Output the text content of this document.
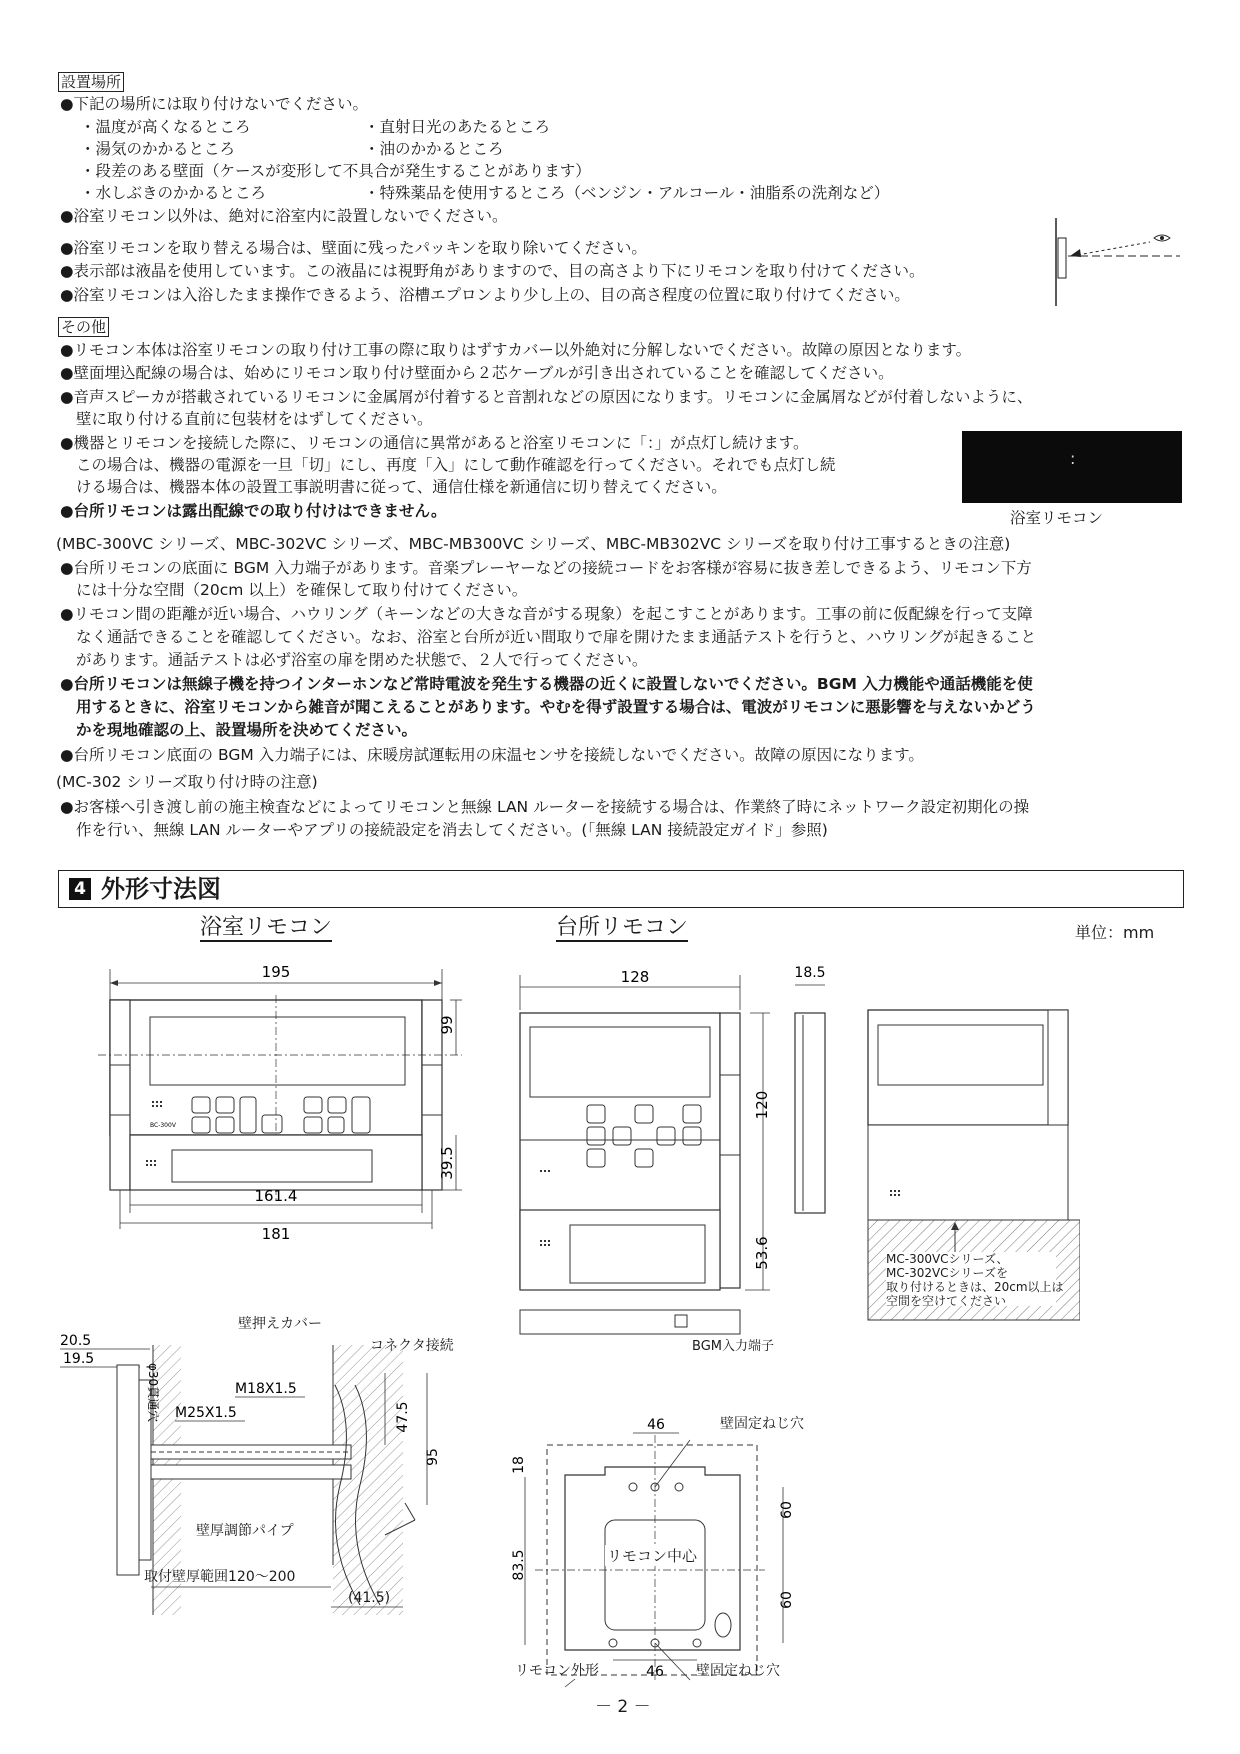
設置場所
●下記の場所には取り付けないでください。
・温度が高くなるところ	・直射日光のあたるところ
・湯気のかかるところ	・油のかかるところ
・段差のある壁面（ケースが変形して不具合が発生することがあります）
・水しぶきのかかるところ	・特殊薬品を使用するところ（ベンジン・アルコール・油脂系の洗剤など）
●浴室リモコン以外は、絶対に浴室内に設置しないでください。
●浴室リモコンを取り替える場合は、壁面に残ったパッキンを取り除いてください。
●表示部は液晶を使用しています。この液晶には視野角がありますので、目の高さより下にリモコンを取り付けてください。
●浴室リモコンは入浴したまま操作できるよう、浴槽エプロンより少し上の、目の高さ程度の位置に取り付けてください。
その他
●リモコン本体は浴室リモコンの取り付け工事の際に取りはずすカバー以外絶対に分解しないでください。故障の原因となります。
●壁面埋込配線の場合は、始めにリモコン取り付け壁面から２芯ケーブルが引き出されていることを確認してください。
●音声スピーカが搭載されているリモコンに金属屑が付着すると音割れなどの原因になります。リモコンに金属屑などが付着しないように、
壁に取り付ける直前に包装材をはずしてください。
●機器とリモコンを接続した際に、リモコンの通信に異常があると浴室リモコンに「：」が点灯し続けます。
この場合は、機器の電源を一旦「切」にし、再度「入」にして動作確認を行ってください。それでも点灯し続
ける場合は、機器本体の設置工事説明書に従って、通信仕様を新通信に切り替えてください。
●台所リモコンは露出配線での取り付けはできません。
:
浴室リモコン
(MBC-300VC シリーズ、MBC-302VC シリーズ、MBC-MB300VC シリーズ、MBC-MB302VC シリーズを取り付け工事するときの注意)
●台所リモコンの底面に BGM 入力端子があります。音楽プレーヤーなどの接続コードをお客様が容易に抜き差しできるよう、リモコン下方
には十分な空間（20cm 以上）を確保して取り付けてください。
●リモコン間の距離が近い場合、ハウリング（キーンなどの大きな音がする現象）を起こすことがあります。工事の前に仮配線を行って支障
なく通話できることを確認してください。なお、浴室と台所が近い間取りで扉を開けたまま通話テストを行うと、ハウリングが起きること
があります。通話テストは必ず浴室の扉を閉めた状態で、２人で行ってください。
●台所リモコンは無線子機を持つインターホンなど常時電波を発生する機器の近くに設置しないでください。BGM 入力機能や通話機能を使
用するときに、浴室リモコンから雑音が聞こえることがあります。やむを得ず設置する場合は、電波がリモコンに悪影響を与えないかどう
かを現地確認の上、設置場所を決めてください。
●台所リモコン底面の BGM 入力端子には、床暖房試運転用の床温センサを接続しないでください。故障の原因になります。
(MC-302 シリーズ取り付け時の注意)
●お客様へ引き渡し前の施主検査などによってリモコンと無線 LAN ルーターを接続する場合は、作業終了時にネットワーク設定初期化の操
作を行い、無線 LAN ルーターやアプリの接続設定を消去してください。(「無線 LAN 接続設定ガイド」参照)
4 外形寸法図
浴室リモコン	台所リモコン	単位：mm
195
BC-300V
99
39.5
161.4
181
128
120
53.6
18.5
BGM入力端子
MC-300VCシリーズ、
MC-302VCシリーズを
取り付けるときは、20cm以上は
空間を空けてください
20.5
19.5
φ30貫通穴	M18X1.5
M25X1.5	47.5
95
壁押えカバー
コネクタ接続
壁厚調節パイプ
取付壁厚範囲120～200
(41.5)
46
46
18
83.5
60
60
壁固定ねじ穴
壁固定ねじ穴
リモコン中心
リモコン外形
－ 2 －
